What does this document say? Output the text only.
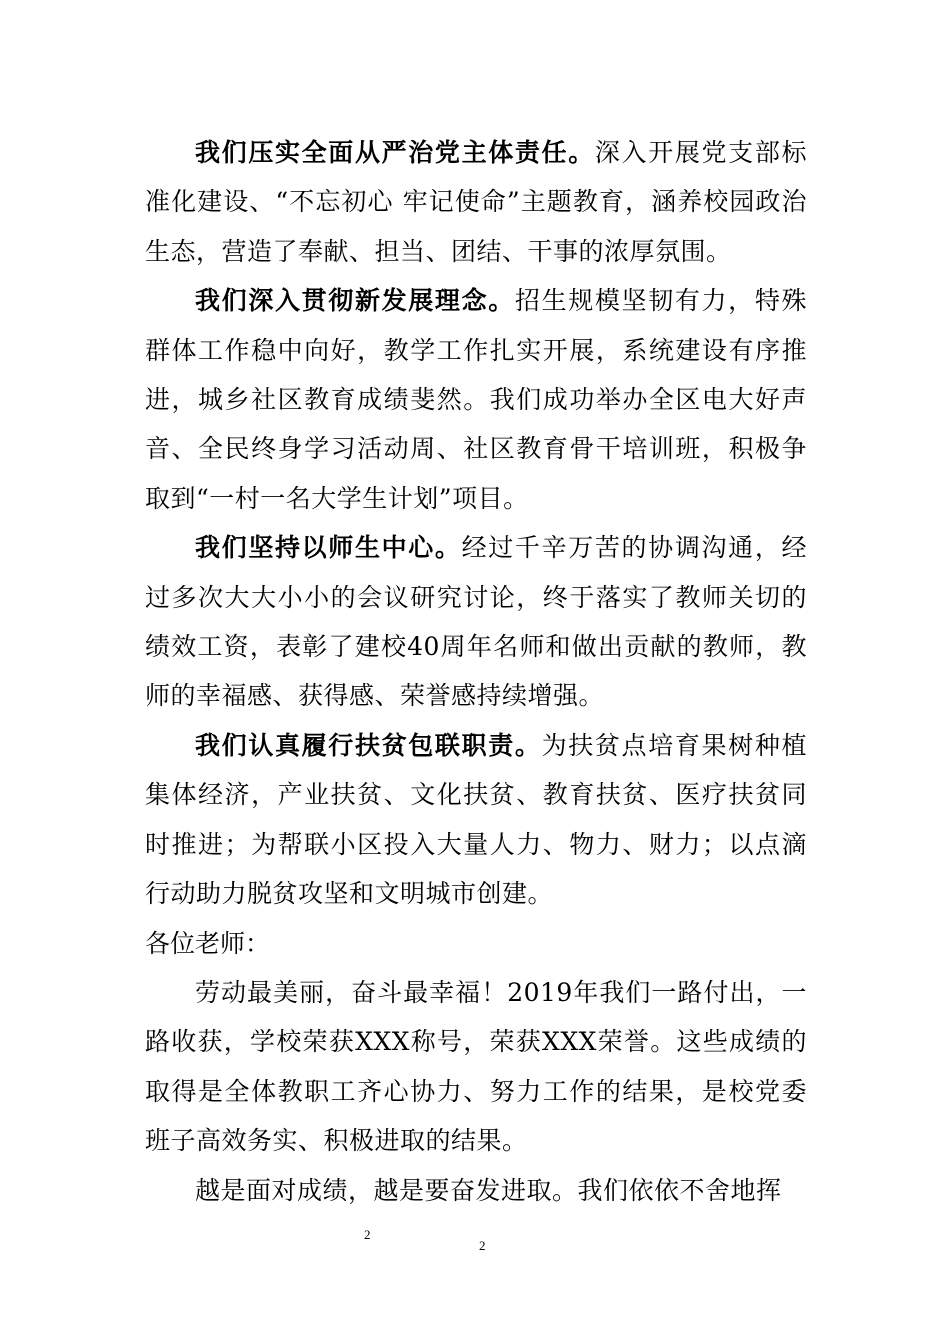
我们压实全面从严治党主体责任。深入开展党支部标准化建设、“不忘初心 牢记使命”主题教育，涵养校园政治生态，营造了奉献、担当、团结、干事的浓厚氛围。

我们深入贯彻新发展理念。招生规模坚韧有力，特殊群体工作稳中向好，教学工作扎实开展，系统建设有序推进，城乡社区教育成绩斐然。我们成功举办全区电大好声音、全民终身学习活动周、社区教育骨干培训班，积极争取到“一村一名大学生计划”项目。

我们坚持以师生中心。经过千辛万苦的协调沟通，经过多次大大小小的会议研究讨论，终于落实了教师关切的绩效工资，表彰了建校40周年名师和做出贡献的教师，教师的幸福感、获得感、荣誉感持续增强。

我们认真履行扶贫包联职责。为扶贫点培育果树种植集体经济，产业扶贫、文化扶贫、教育扶贫、医疗扶贫同时推进；为帮联小区投入大量人力、物力、财力；以点滴行动助力脱贫攻坚和文明城市创建。

各位老师：

劳动最美丽，奋斗最幸福！2019年我们一路付出，一路收获，学校荣获XXX称号，荣获XXX荣誉。这些成绩的取得是全体教职工齐心协力、努力工作的结果，是校党委班子高效务实、积极进取的结果。

越是面对成绩，越是要奋发进取。我们依依不舍地挥

2
2
